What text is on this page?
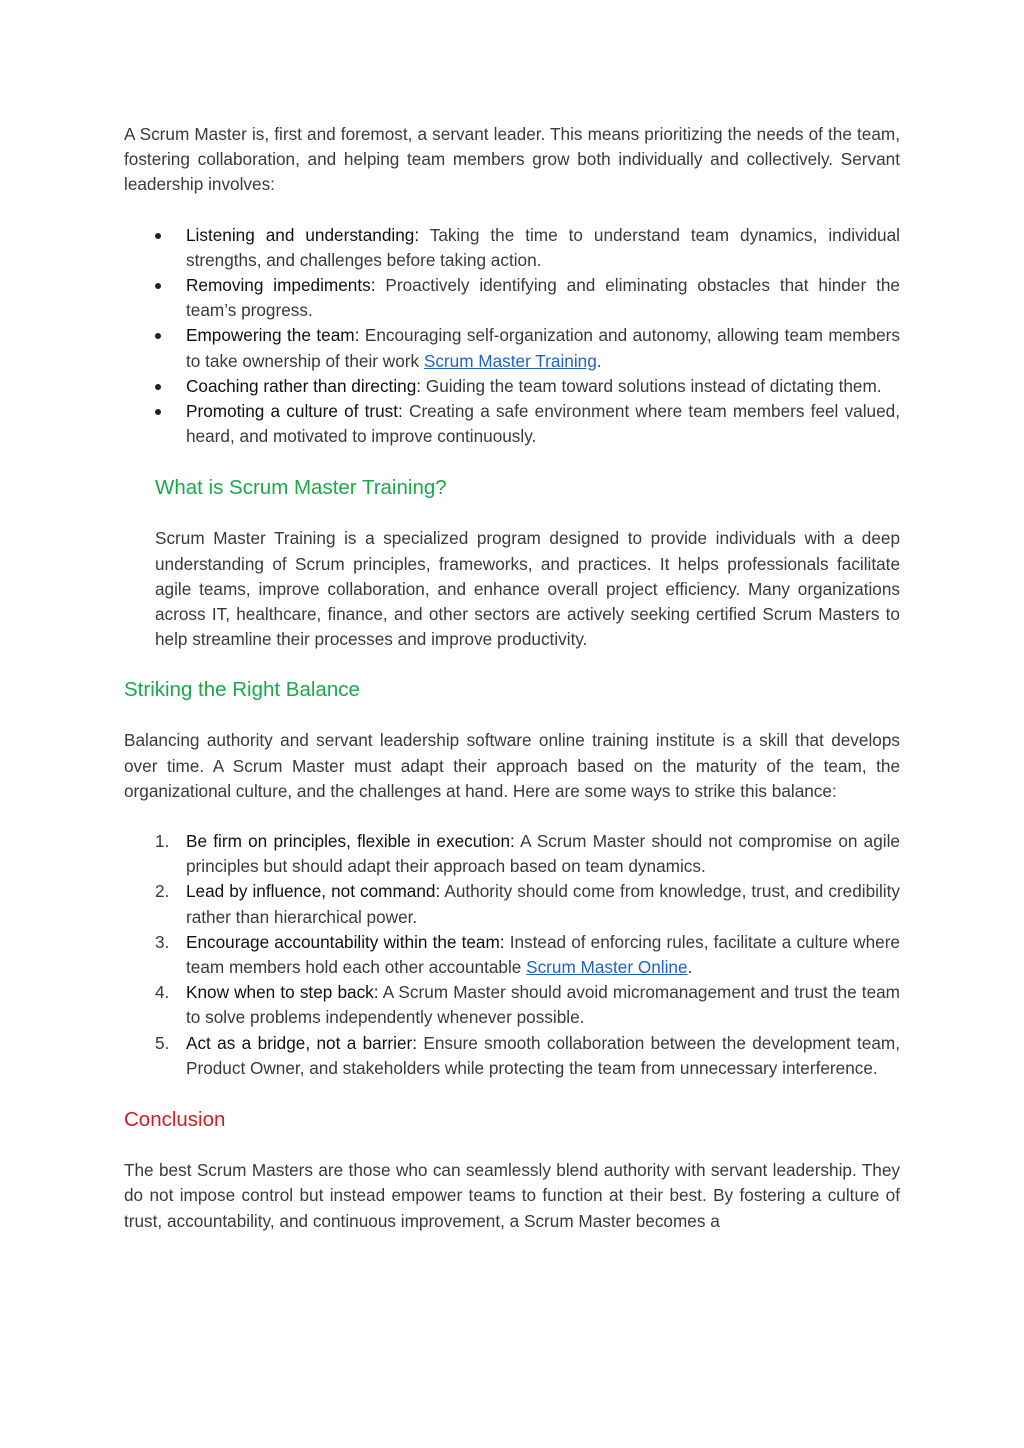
A Scrum Master is, first and foremost, a servant leader. This means prioritizing the needs of the team, fostering collaboration, and helping team members grow both individually and collectively. Servant leadership involves:

Listening and understanding: Taking the time to understand team dynamics, individual strengths, and challenges before taking action.
Removing impediments: Proactively identifying and eliminating obstacles that hinder the team’s progress.
Empowering the team: Encouraging self-organization and autonomy, allowing team members to take ownership of their work Scrum Master Training.
Coaching rather than directing: Guiding the team toward solutions instead of dictating them.
Promoting a culture of trust: Creating a safe environment where team members feel valued, heard, and motivated to improve continuously.
What is Scrum Master Training?

Scrum Master Training is a specialized program designed to provide individuals with a deep understanding of Scrum principles, frameworks, and practices. It helps professionals facilitate agile teams, improve collaboration, and enhance overall project efficiency. Many organizations across IT, healthcare, finance, and other sectors are actively seeking certified Scrum Masters to help streamline their processes and improve productivity.

Striking the Right Balance

Balancing authority and servant leadership software online training institute is a skill that develops over time. A Scrum Master must adapt their approach based on the maturity of the team, the organizational culture, and the challenges at hand. Here are some ways to strike this balance:

1. Be firm on principles, flexible in execution: A Scrum Master should not compromise on agile principles but should adapt their approach based on team dynamics.
2. Lead by influence, not command: Authority should come from knowledge, trust, and credibility rather than hierarchical power.
3. Encourage accountability within the team: Instead of enforcing rules, facilitate a culture where team members hold each other accountable Scrum Master Online.
4. Know when to step back: A Scrum Master should avoid micromanagement and trust the team to solve problems independently whenever possible.
5. Act as a bridge, not a barrier: Ensure smooth collaboration between the development team, Product Owner, and stakeholders while protecting the team from unnecessary interference.
Conclusion

The best Scrum Masters are those who can seamlessly blend authority with servant leadership. They do not impose control but instead empower teams to function at their best. By fostering a culture of trust, accountability, and continuous improvement, a Scrum Master becomes a
